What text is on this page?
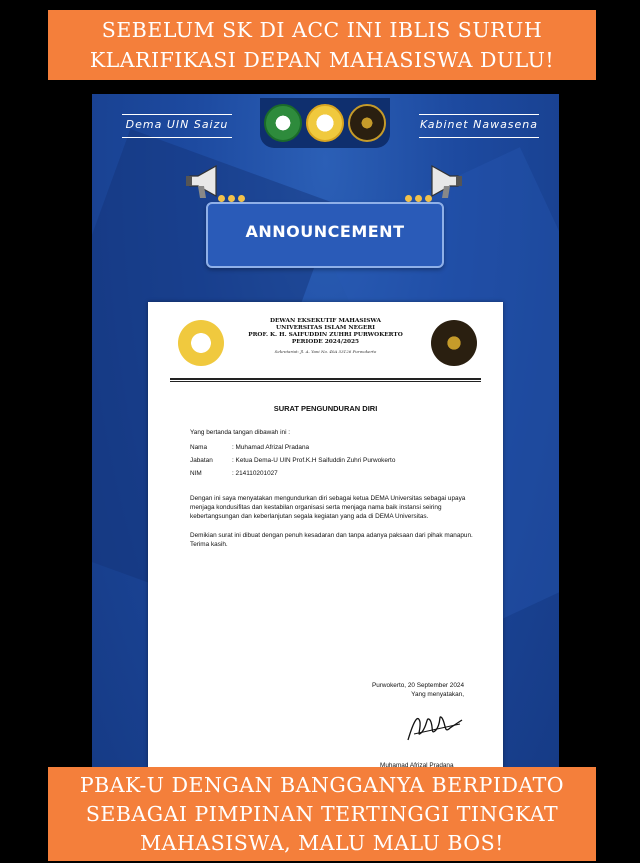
SEBELUM SK DI ACC INI IBLIS SURUH
KLARIFIKASI DEPAN MAHASISWA DULU!
Dema UIN Saizu	Kabinet Nawasena
ANNOUNCEMENT
DEWAN EKSEKUTIF MAHASISWA
UNIVERSITAS ISLAM NEGERI
PROF. K. H. SAIFUDDIN ZUHRI PURWOKERTO
PERIODE 2024/2025
Sekretariat: Jl. A. Yani No. 40A 53126 Purwokerto
SURAT PENGUNDURAN DIRI
Yang bertanda tangan dibawah ini :
Nama	: Muhamad Afrizal Pradana
Jabatan	: Ketua Dema-U UIN Prof.K.H Saifuddin Zuhri Purwokerto
NIM	: 214110201027
Dengan ini saya menyatakan mengundurkan diri sebagai ketua DEMA Universitas sebagai upaya menjaga kondusifitas dan kestabilan organisasi serta menjaga nama baik instansi seiring kebertangsungan dan keberlanjutan segala kegiatan yang ada di DEMA Universitas.
Demikian surat ini dibuat dengan penuh kesadaran dan tanpa adanya paksaan dari pihak manapun. Terima kasih.
Purwokerto, 20 September 2024
Yang menyatakan,
Muhamad Afrizal Pradana
PBAK-U DENGAN BANGGANYA BERPIDATO
SEBAGAI PIMPINAN TERTINGGI TINGKAT
MAHASISWA, MALU MALU BOS!
